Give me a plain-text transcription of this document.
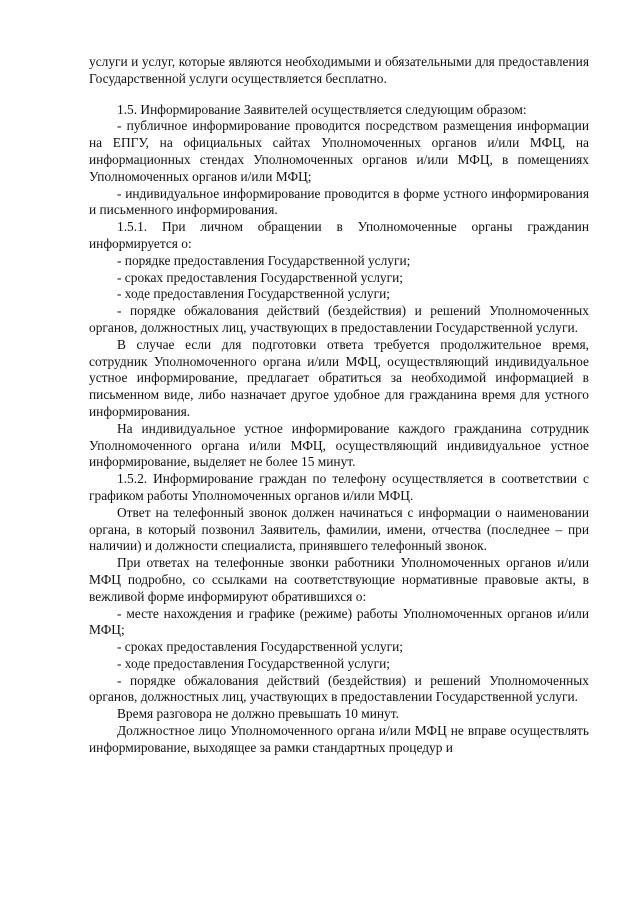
услуги и услуг, которые являются необходимыми и обязательными для предоставления Государственной услуги осуществляется бесплатно.

1.5. Информирование Заявителей осуществляется следующим образом:

- публичное информирование проводится посредством размещения информации на ЕПГУ, на официальных сайтах Уполномоченных органов и/или МФЦ, на информационных стендах Уполномоченных органов и/или МФЦ, в помещениях Уполномоченных органов и/или МФЦ;

- индивидуальное информирование проводится в форме устного информирования и письменного информирования.

1.5.1. При личном обращении в Уполномоченные органы гражданин информируется о:

- порядке предоставления Государственной услуги;

- сроках предоставления Государственной услуги;

- ходе предоставления Государственной услуги;

- порядке обжалования действий (бездействия) и решений Уполномоченных органов, должностных лиц, участвующих в предоставлении Государственной услуги.

В случае если для подготовки ответа требуется продолжительное время, сотрудник Уполномоченного органа и/или МФЦ, осуществляющий индивидуальное устное информирование, предлагает обратиться за необходимой информацией в письменном виде, либо назначает другое удобное для гражданина время для устного информирования.

На индивидуальное устное информирование каждого гражданина сотрудник Уполномоченного органа и/или МФЦ, осуществляющий индивидуальное устное информирование, выделяет не более 15 минут.

1.5.2. Информирование граждан по телефону осуществляется в соответствии с графиком работы Уполномоченных органов и/или МФЦ.

Ответ на телефонный звонок должен начинаться с информации о наименовании органа, в который позвонил Заявитель, фамилии, имени, отчества (последнее – при наличии) и должности специалиста, принявшего телефонный звонок.

При ответах на телефонные звонки работники Уполномоченных органов и/или МФЦ подробно, со ссылками на соответствующие нормативные правовые акты, в вежливой форме информируют обратившихся о:

- месте нахождения и графике (режиме) работы Уполномоченных органов и/или МФЦ;

- сроках предоставления Государственной услуги;

- ходе предоставления Государственной услуги;

- порядке обжалования действий (бездействия) и решений Уполномоченных органов, должностных лиц, участвующих в предоставлении Государственной услуги.

Время разговора не должно превышать 10 минут.

Должностное лицо Уполномоченного органа и/или МФЦ не вправе осуществлять информирование, выходящее за рамки стандартных процедур и
